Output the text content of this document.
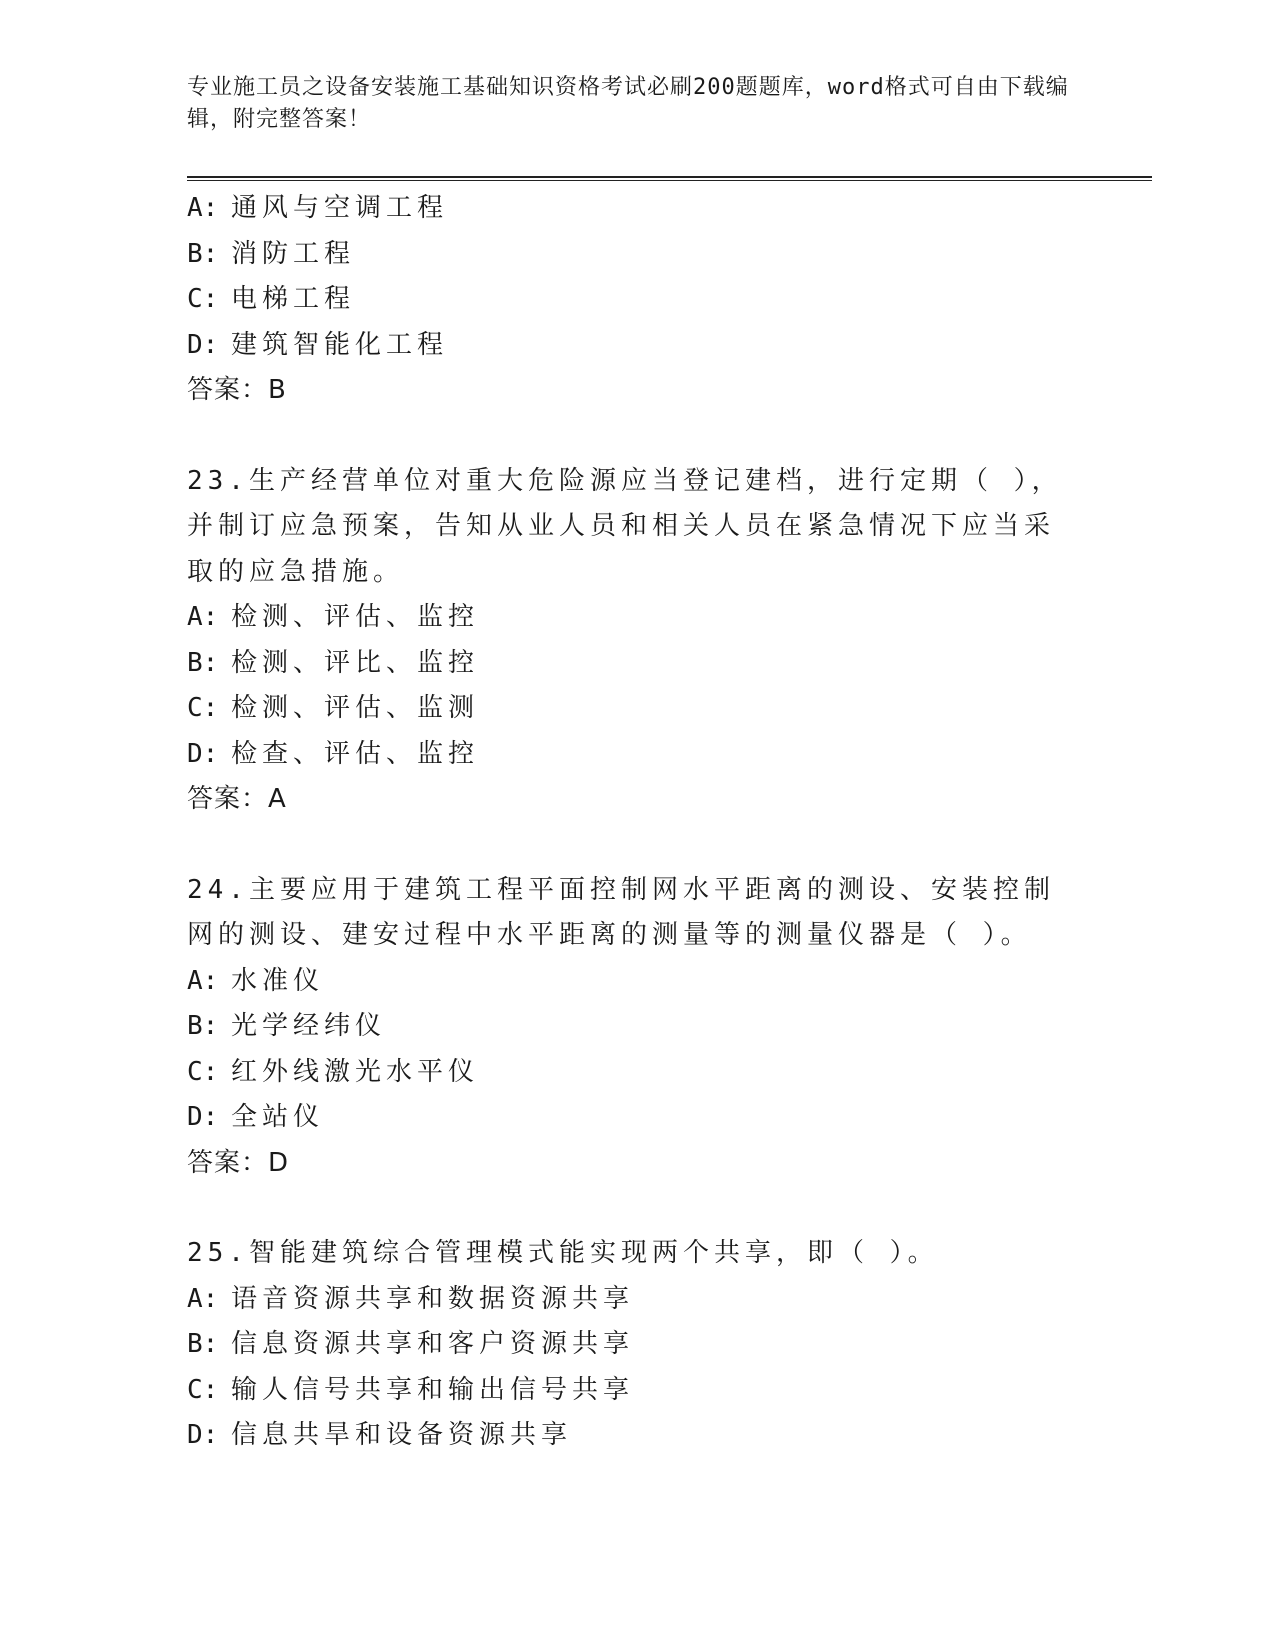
专业施工员之设备安装施工基础知识资格考试必刷200题题库，word格式可自由下载编辑，附完整答案！
A: 通风与空调工程
B: 消防工程
C: 电梯工程
D: 建筑智能化工程
答案：B
23.生产经营单位对重大危险源应当登记建档，进行定期（ ），并制订应急预案，告知从业人员和相关人员在紧急情况下应当采取的应急措施。
A: 检测、评估、监控
B: 检测、评比、监控
C: 检测、评估、监测
D: 检查、评估、监控
答案：A
24.主要应用于建筑工程平面控制网水平距离的测设、安装控制网的测设、建安过程中水平距离的测量等的测量仪器是（ ）。
A: 水准仪
B: 光学经纬仪
C: 红外线激光水平仪
D: 全站仪
答案：D
25.智能建筑综合管理模式能实现两个共享，即（ ）。
A: 语音资源共享和数据资源共享
B: 信息资源共享和客户资源共享
C: 输人信号共享和输出信号共享
D: 信息共旱和设备资源共享
